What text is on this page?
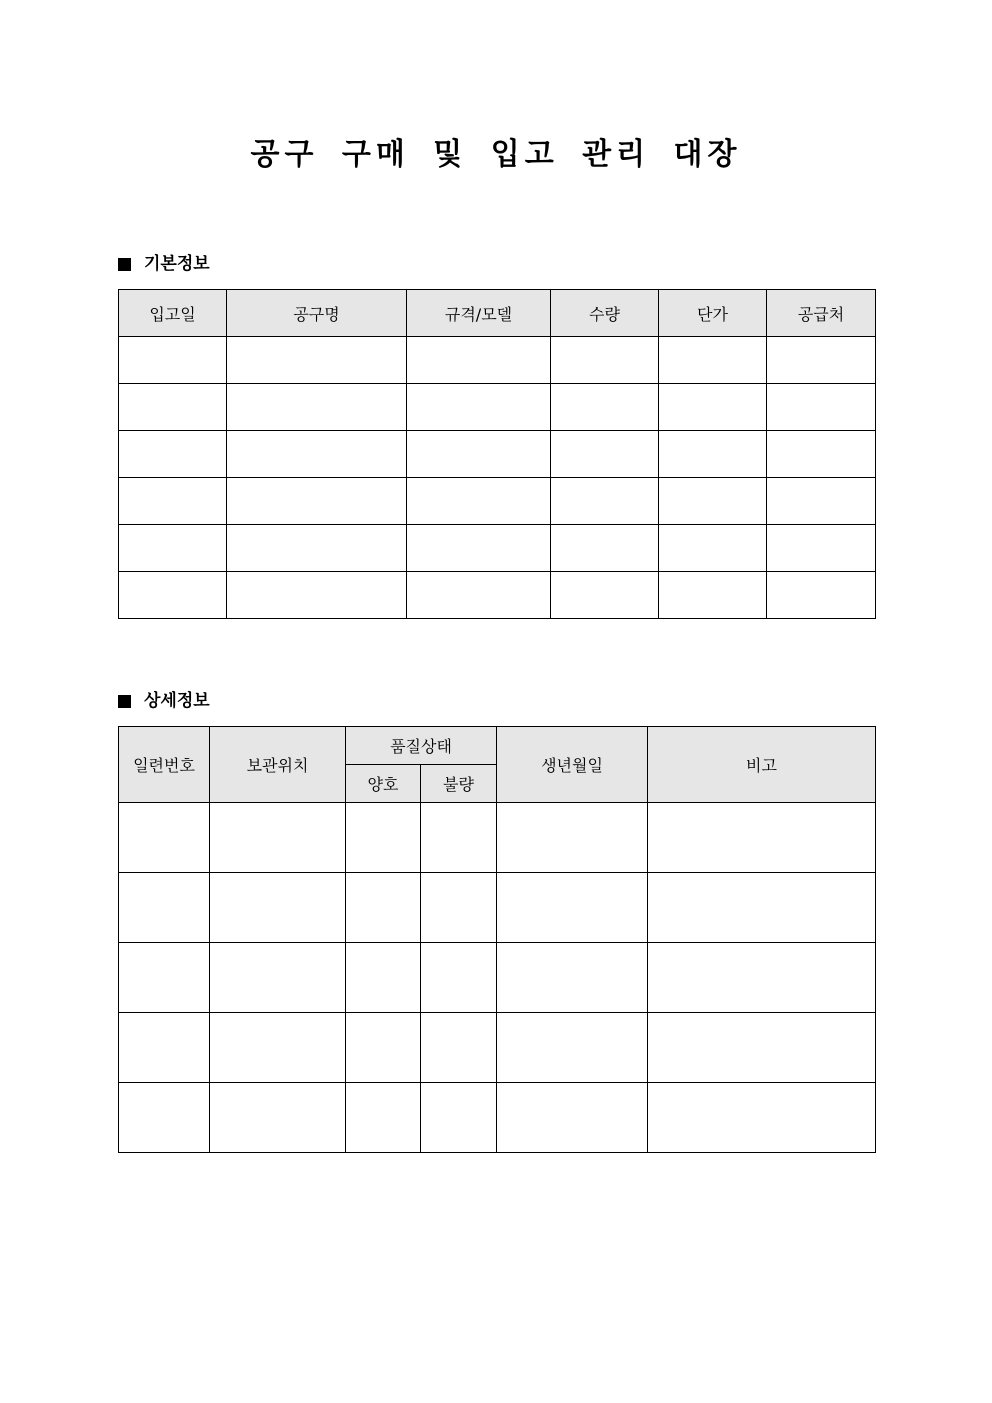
공구 구매 및 입고 관리 대장
기본정보
입고일	공구명	규격/모델	수량	단가	공급처

상세정보
일련번호	보관위치	품질상태		생년월일	비고
		양호	불량		
